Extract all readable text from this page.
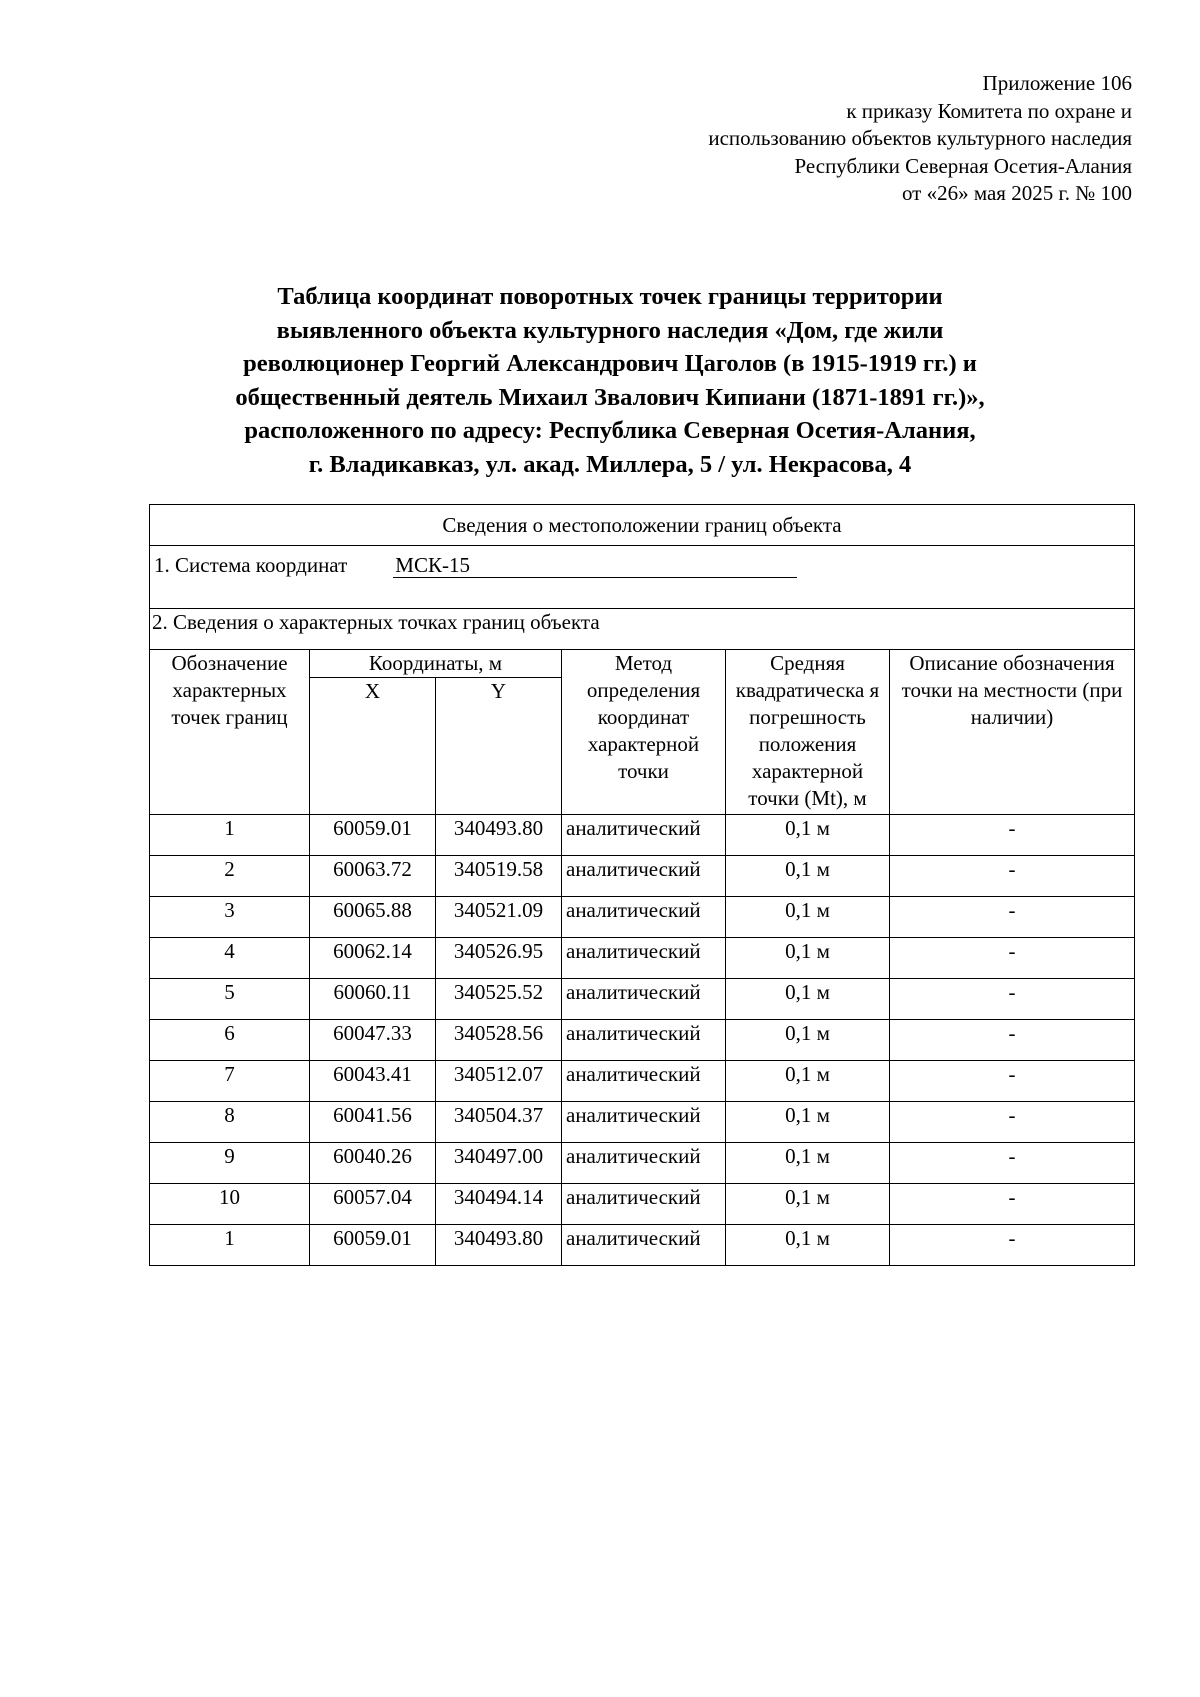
Приложение 106
к приказу Комитета по охране и
использованию объектов культурного наследия
Республики Северная Осетия-Алания
от «26» мая 2025 г. № 100
Таблица координат поворотных точек границы территории
выявленного объекта культурного наследия «Дом, где жили
революционер Георгий Александрович Цаголов (в 1915-1919 гг.) и
общественный деятель Михаил Звалович Кипиани (1871-1891 гг.)»,
расположенного по адресу: Республика Северная Осетия-Алания,
г. Владикавказ, ул. акад. Миллера, 5 / ул. Некрасова, 4
Сведения о местоположении границ объекта					
1. Система координат МСК-15					
2. Сведения о характерных точках границ объекта					
Обозначение характерных точек границ	Координаты, м		Метод определения координат характерной точки	Средняя квадратическа я погрешность положения характерной точки (Mt), м	Описание обозначения точки на местности (при наличии)
	X	Y			
1	60059.01	340493.80	аналитический	0,1 м	-
2	60063.72	340519.58	аналитический	0,1 м	-
3	60065.88	340521.09	аналитический	0,1 м	-
4	60062.14	340526.95	аналитический	0,1 м	-
5	60060.11	340525.52	аналитический	0,1 м	-
6	60047.33	340528.56	аналитический	0,1 м	-
7	60043.41	340512.07	аналитический	0,1 м	-
8	60041.56	340504.37	аналитический	0,1 м	-
9	60040.26	340497.00	аналитический	0,1 м	-
10	60057.04	340494.14	аналитический	0,1 м	-
1	60059.01	340493.80	аналитический	0,1 м	-
